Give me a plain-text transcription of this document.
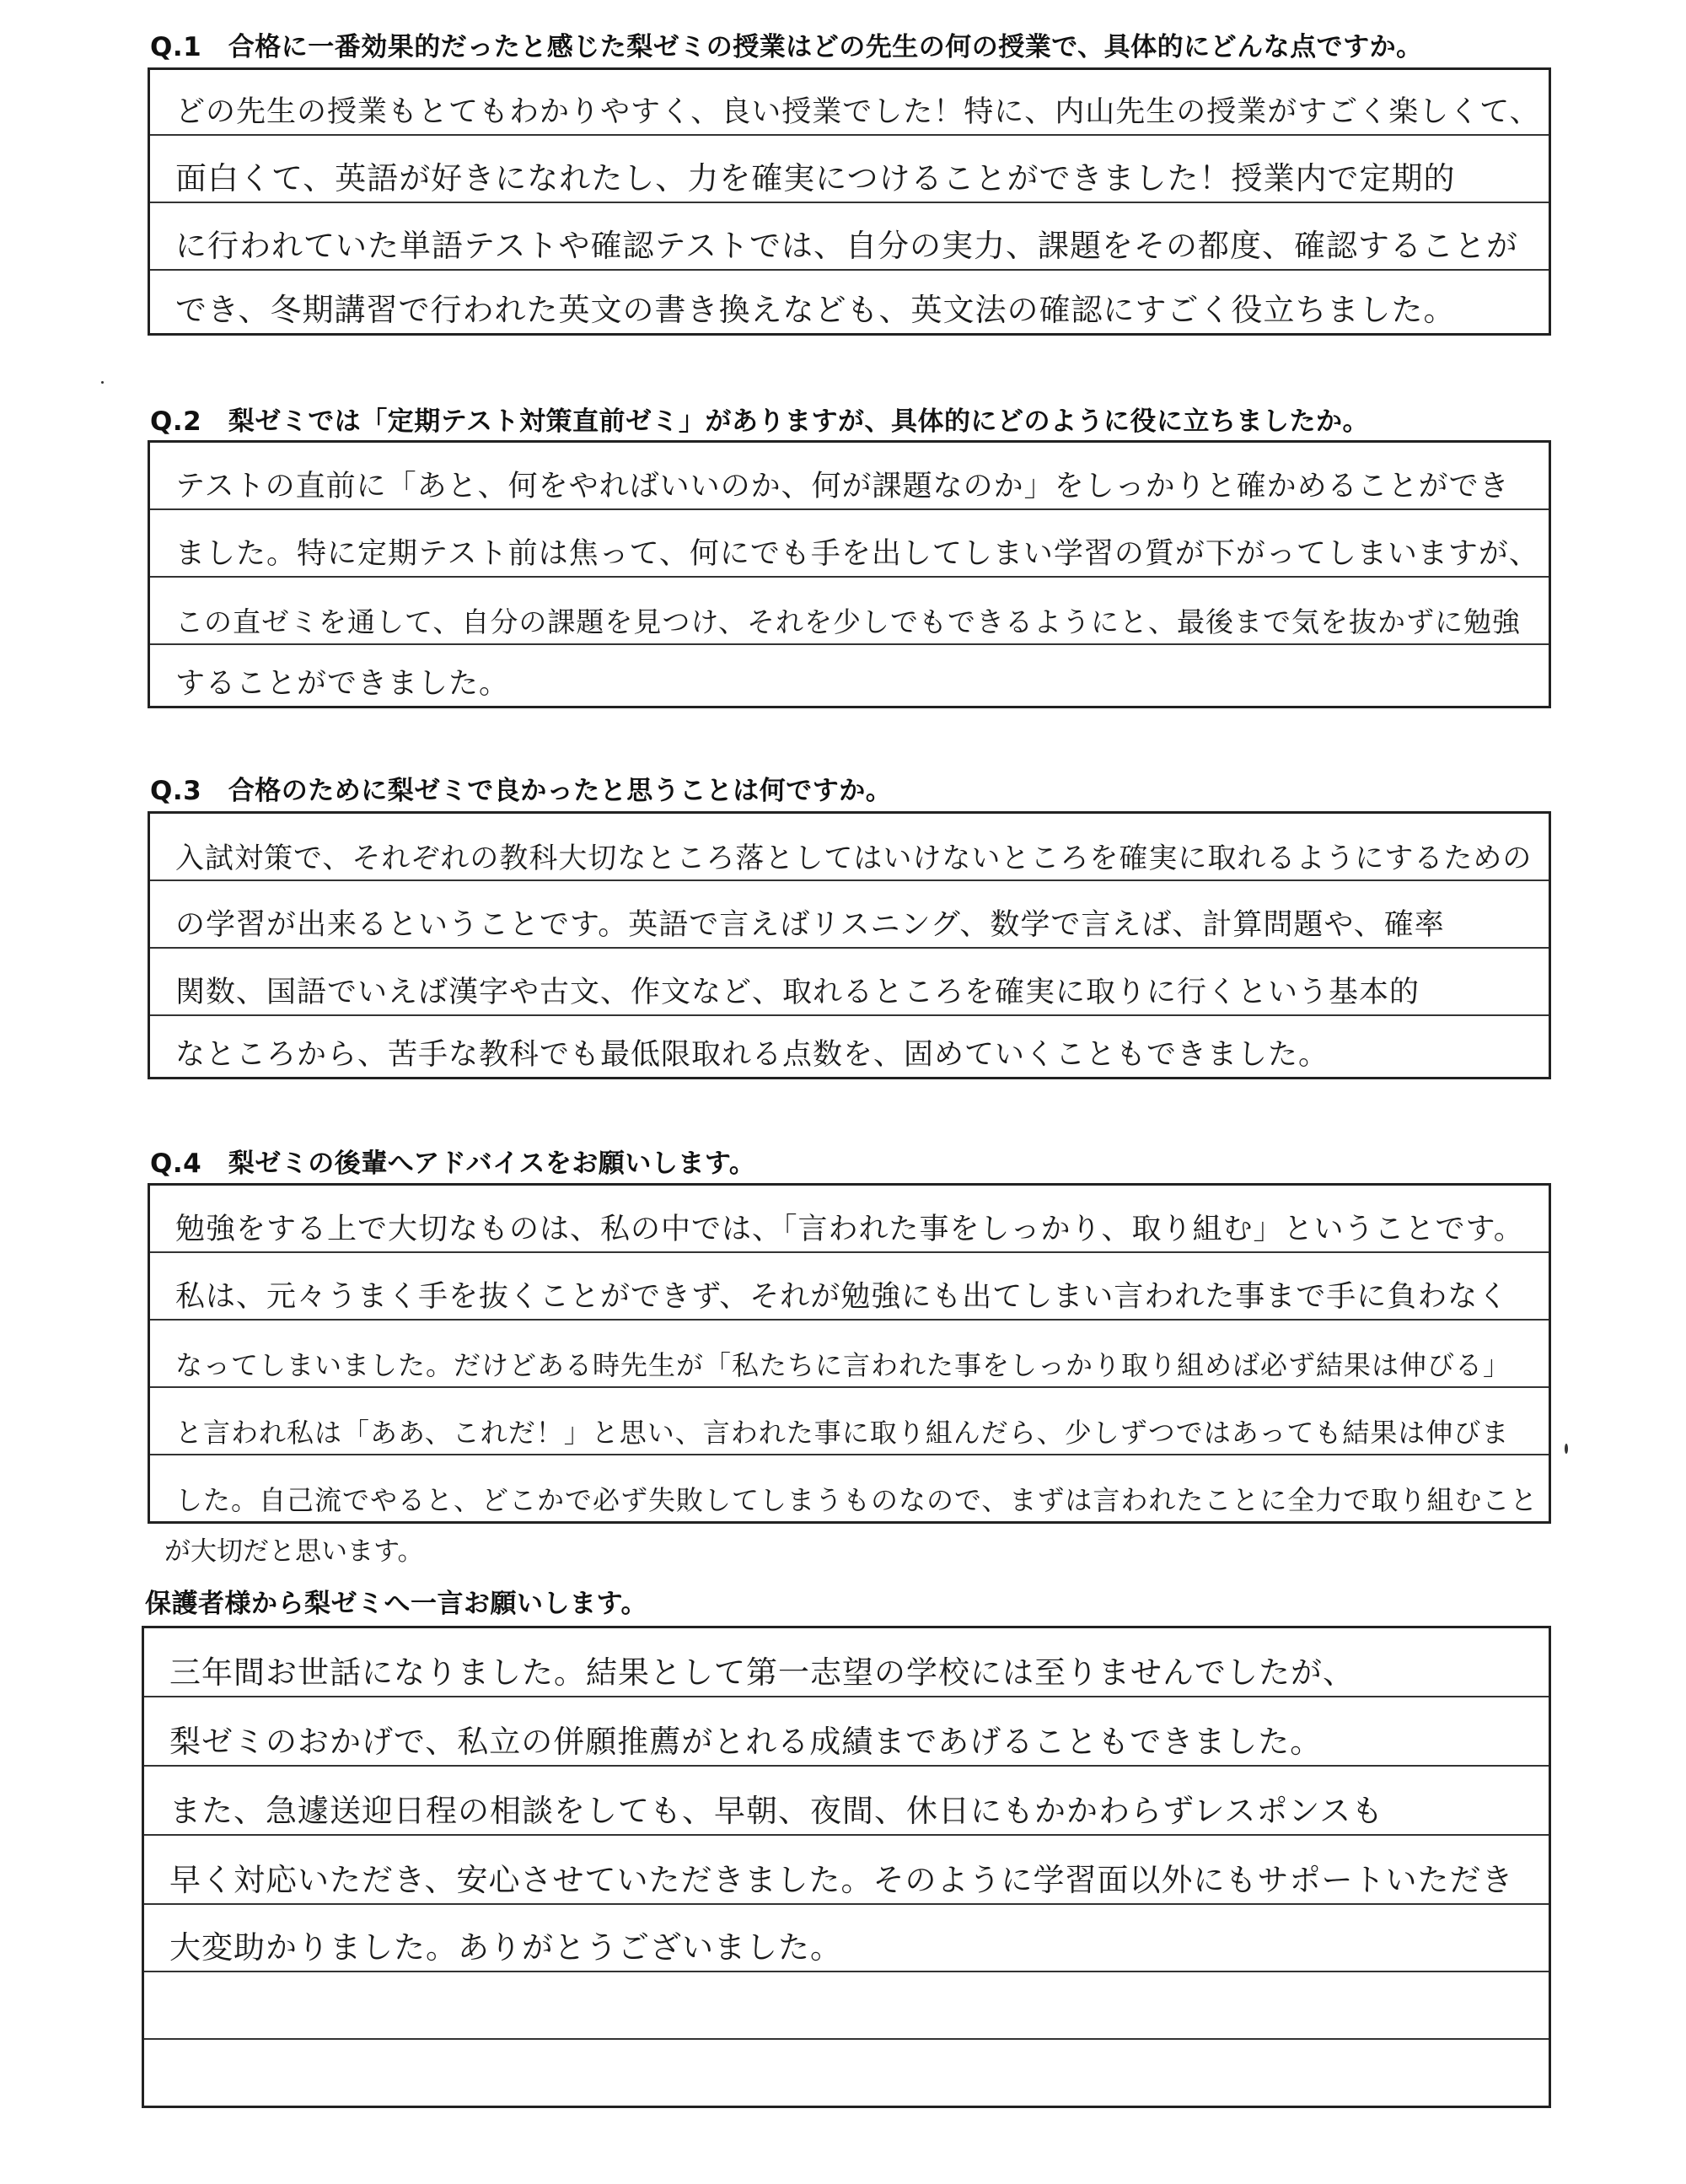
Q.1　合格に一番効果的だったと感じた梨ゼミの授業はどの先生の何の授業で、具体的にどんな点ですか。
どの先生の授業もとてもわかりやすく、良い授業でした！特に、内山先生の授業がすごく楽しくて、
面白くて、英語が好きになれたし、力を確実につけることができました！授業内で定期的
に行われていた単語テストや確認テストでは、自分の実力、課題をその都度、確認することが
でき、冬期講習で行われた英文の書き換えなども、英文法の確認にすごく役立ちました。
Q.2　梨ゼミでは「定期テスト対策直前ゼミ」がありますが、具体的にどのように役に立ちましたか。
テストの直前に「あと、何をやればいいのか、何が課題なのか」をしっかりと確かめることができ
ました。特に定期テスト前は焦って、何にでも手を出してしまい学習の質が下がってしまいますが、
この直ゼミを通して、自分の課題を見つけ、それを少しでもできるようにと、最後まで気を抜かずに勉強
することができました。
Q.3　合格のために梨ゼミで良かったと思うことは何ですか。
入試対策で、それぞれの教科大切なところ落としてはいけないところを確実に取れるようにするための
の学習が出来るということです。英語で言えばリスニング、数学で言えば、計算問題や、確率
関数、国語でいえば漢字や古文、作文など、取れるところを確実に取りに行くという基本的
なところから、苦手な教科でも最低限取れる点数を、固めていくこともできました。
Q.4　梨ゼミの後輩へアドバイスをお願いします。
勉強をする上で大切なものは、私の中では、「言われた事をしっかり、取り組む」ということです。
私は、元々うまく手を抜くことができず、それが勉強にも出てしまい言われた事まで手に負わなく
なってしまいました。だけどある時先生が「私たちに言われた事をしっかり取り組めば必ず結果は伸びる」
と言われ私は「ああ、これだ！」と思い、言われた事に取り組んだら、少しずつではあっても結果は伸びま
した。自己流でやると、どこかで必ず失敗してしまうものなので、まずは言われたことに全力で取り組むこと
が大切だと思います。
保護者様から梨ゼミへ一言お願いします。
三年間お世話になりました。結果として第一志望の学校には至りませんでしたが、
梨ゼミのおかげで、私立の併願推薦がとれる成績まであげることもできました。
また、急遽送迎日程の相談をしても、早朝、夜間、休日にもかかわらずレスポンスも
早く対応いただき、安心させていただきました。そのように学習面以外にもサポートいただき
大変助かりました。ありがとうございました。
